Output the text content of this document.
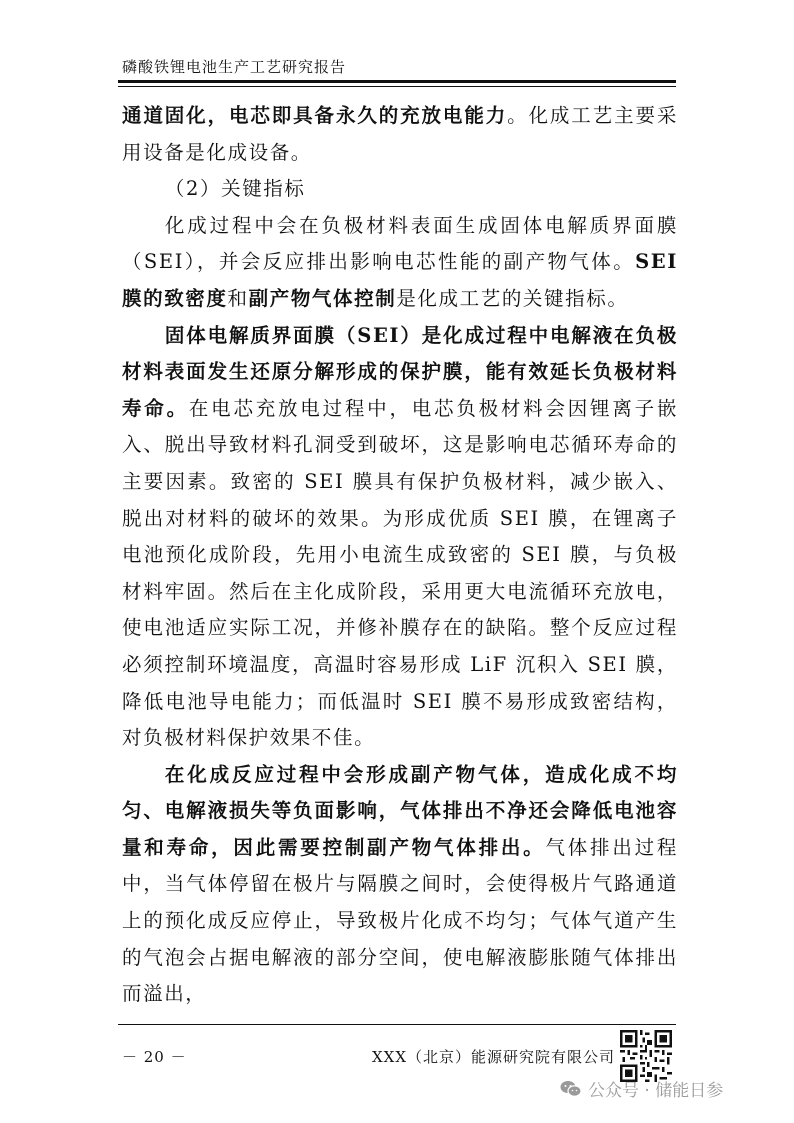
磷酸铁锂电池生产工艺研究报告

通道固化，电芯即具备永久的充放电能力。化成工艺主要采用设备是化成设备。

（2）关键指标

化成过程中会在负极材料表面生成固体电解质界面膜（SEI），并会反应排出影响电芯性能的副产物气体。SEI膜的致密度和副产物气体控制是化成工艺的关键指标。

固体电解质界面膜（SEI）是化成过程中电解液在负极材料表面发生还原分解形成的保护膜，能有效延长负极材料寿命。在电芯充放电过程中，电芯负极材料会因锂离子嵌入、脱出导致材料孔洞受到破坏，这是影响电芯循环寿命的主要因素。致密的 SEI 膜具有保护负极材料，减少嵌入、脱出对材料的破坏的效果。为形成优质 SEI 膜，在锂离子电池预化成阶段，先用小电流生成致密的 SEI 膜，与负极材料牢固。然后在主化成阶段，采用更大电流循环充放电，使电池适应实际工况，并修补膜存在的缺陷。整个反应过程必须控制环境温度，高温时容易形成 LiF 沉积入 SEI 膜，降低电池导电能力；而低温时 SEI 膜不易形成致密结构，对负极材料保护效果不佳。

在化成反应过程中会形成副产物气体，造成化成不均匀、电解液损失等负面影响，气体排出不净还会降低电池容量和寿命，因此需要控制副产物气体排出。气体排出过程中，当气体停留在极片与隔膜之间时，会使得极片气路通道上的预化成反应停止，导致极片化成不均匀；气体气道产生的气泡会占据电解液的部分空间，使电解液膨胀随气体排出而溢出，

－ 20 －	XXX（北京）能源研究院有限公司
公众号 · 储能日参
